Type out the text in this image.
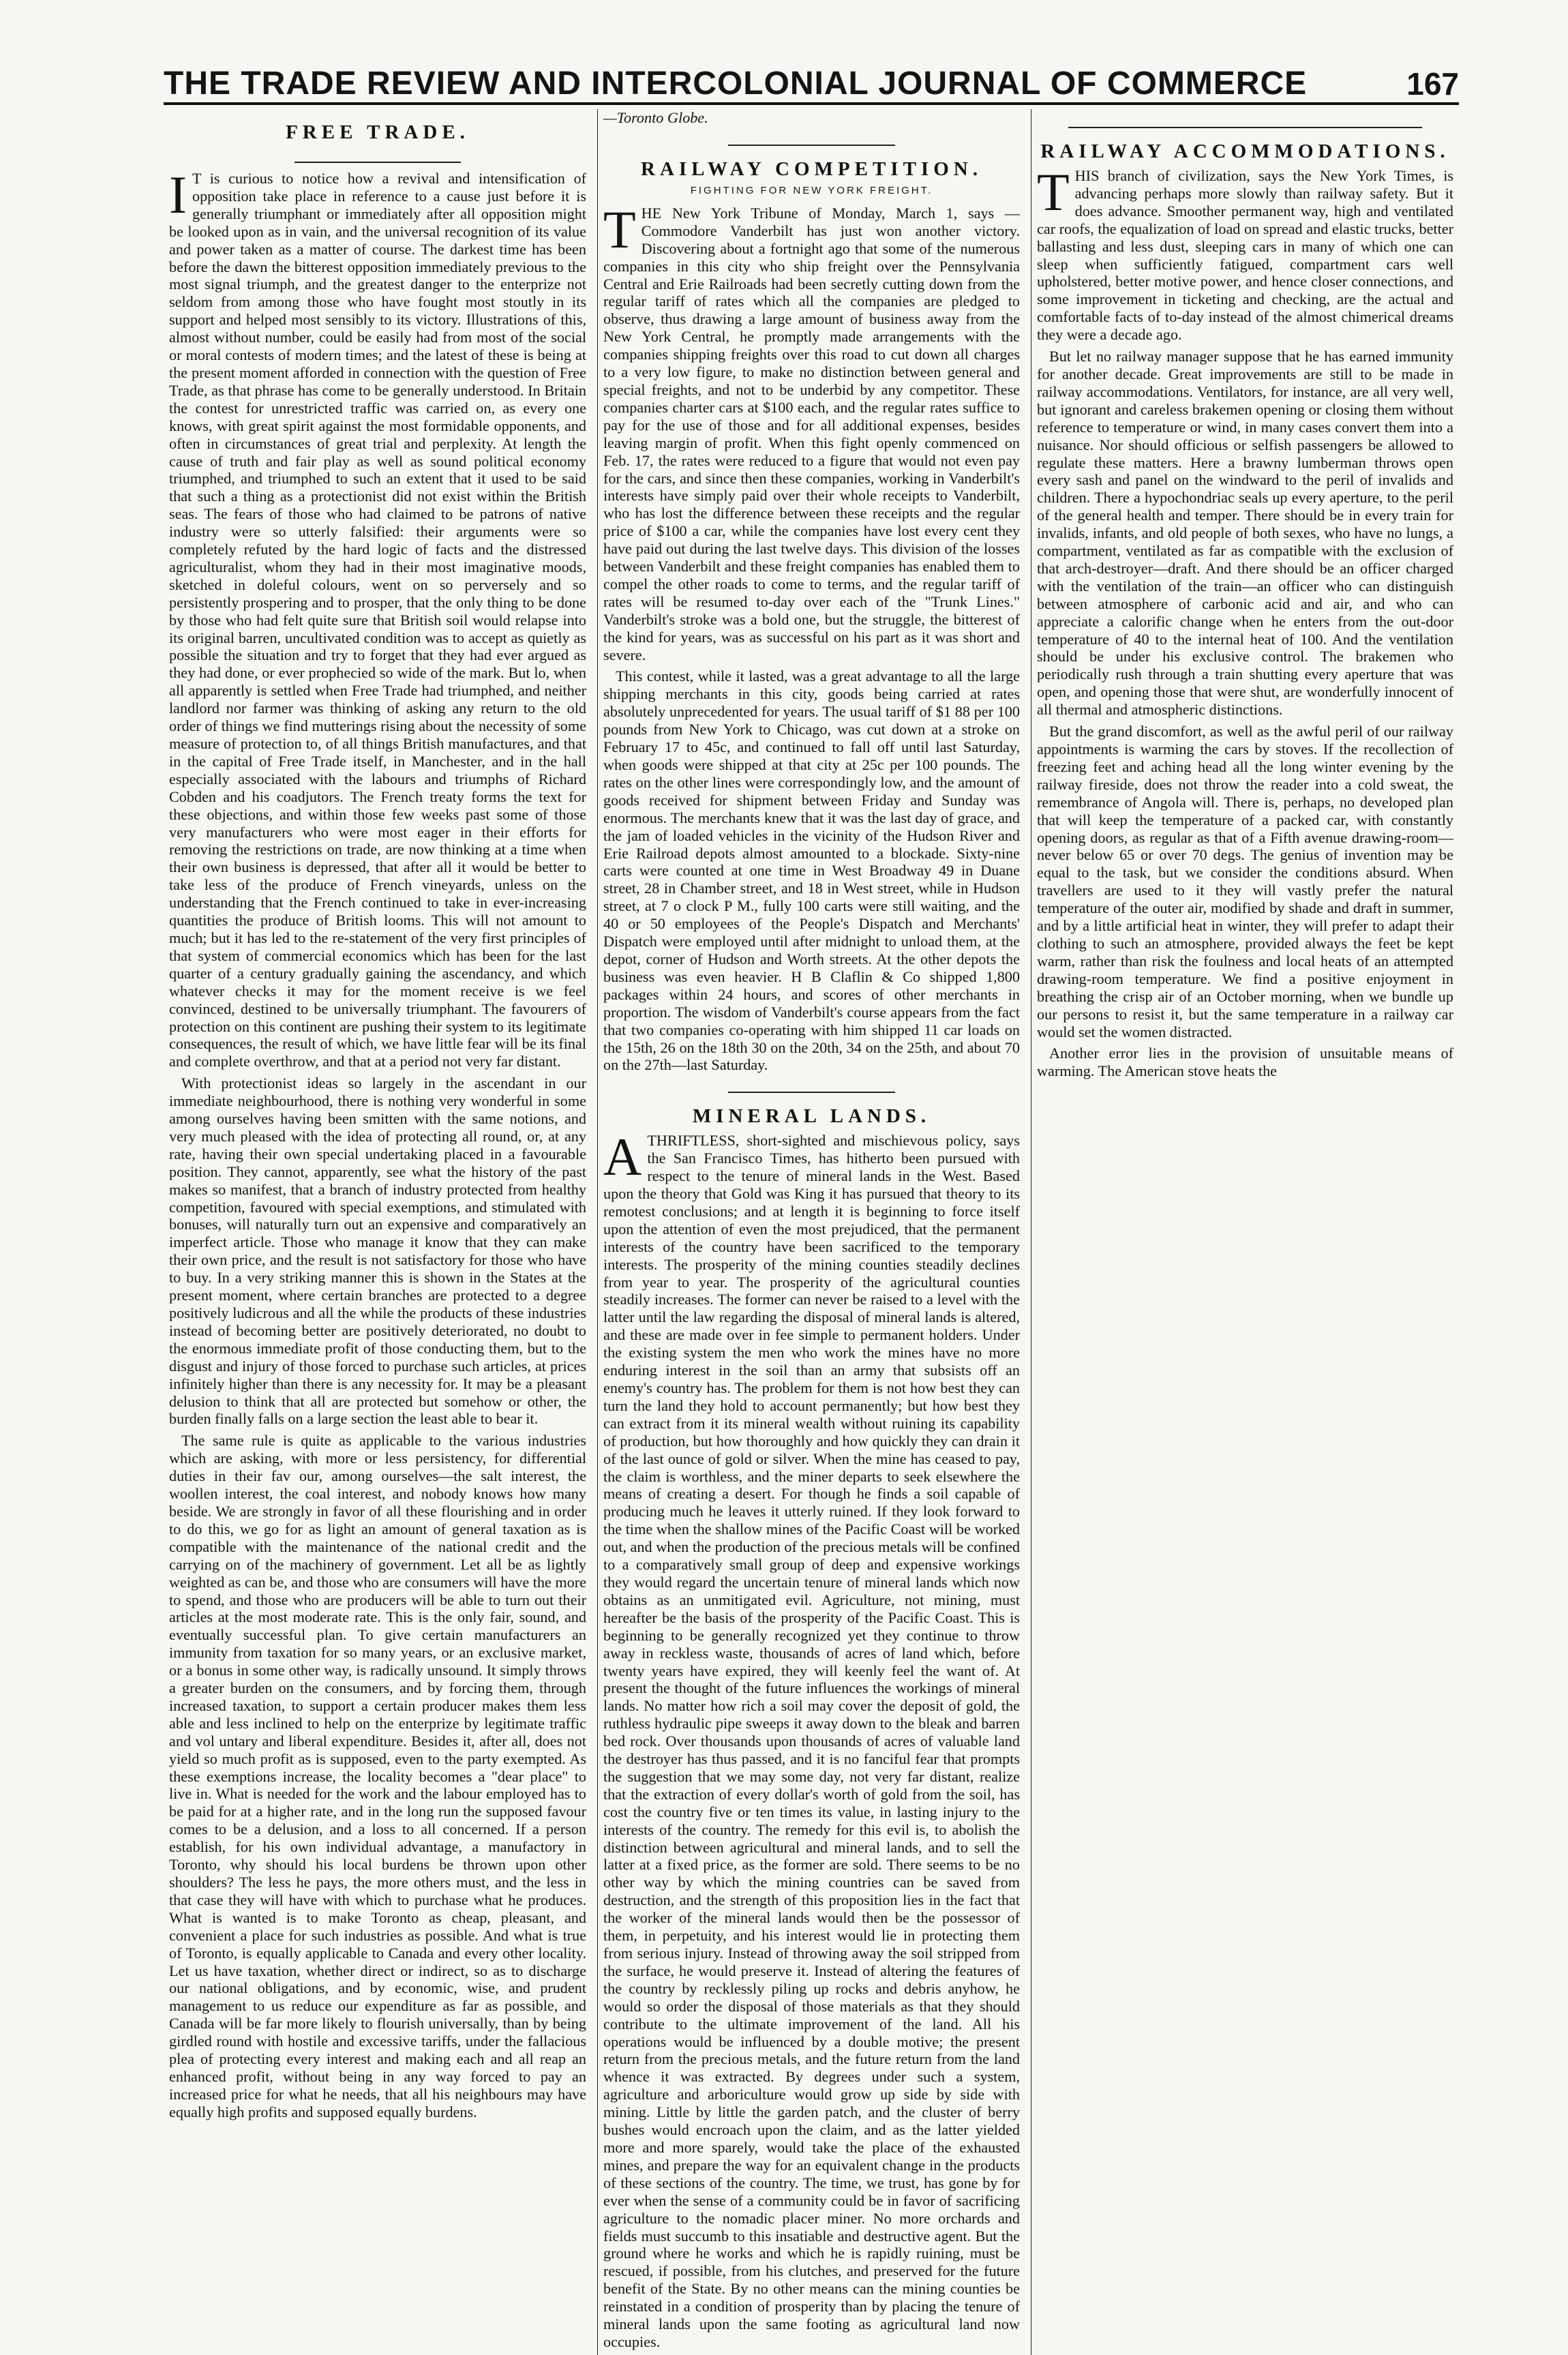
THE TRADE REVIEW AND INTERCOLONIAL JOURNAL OF COMMERCE	167
FREE TRADE.

I T is curious to notice how a revival and intensification of opposition take place in reference to a cause just before it is generally triumphant or immediately after all opposition might be looked upon as in vain, and the universal recognition of its value and power taken as a matter of course. The darkest time has been before the dawn the bitterest opposition immediately previous to the most signal triumph, and the greatest danger to the enterprize not seldom from among those who have fought most stoutly in its support and helped most sensibly to its victory. Illustrations of this, almost without number, could be easily had from most of the social or moral contests of modern times; and the latest of these is being at the present moment afforded in connection with the question of Free Trade, as that phrase has come to be generally understood. In Britain the contest for unrestricted traffic was carried on, as every one knows, with great spirit against the most formidable opponents, and often in circumstances of great trial and perplexity. At length the cause of truth and fair play as well as sound political economy triumphed, and triumphed to such an extent that it used to be said that such a thing as a protectionist did not exist within the British seas. The fears of those who had claimed to be patrons of native industry were so utterly falsified: their arguments were so completely refuted by the hard logic of facts and the distressed agriculturalist, whom they had in their most imaginative moods, sketched in doleful colours, went on so perversely and so persistently prospering and to prosper, that the only thing to be done by those who had felt quite sure that British soil would relapse into its original barren, uncultivated condition was to accept as quietly as possible the situation and try to forget that they had ever argued as they had done, or ever prophecied so wide of the mark. But lo, when all apparently is settled when Free Trade had triumphed, and neither landlord nor farmer was thinking of asking any return to the old order of things we find mutterings rising about the necessity of some measure of protection to, of all things British manufactures, and that in the capital of Free Trade itself, in Manchester, and in the hall especially associated with the labours and triumphs of Richard Cobden and his coadjutors. The French treaty forms the text for these objections, and within those few weeks past some of those very manufacturers who were most eager in their efforts for removing the restrictions on trade, are now thinking at a time when their own business is depressed, that after all it would be better to take less of the produce of French vineyards, unless on the understanding that the French continued to take in ever-increasing quantities the produce of British looms. This will not amount to much; but it has led to the re-statement of the very first principles of that system of commercial economics which has been for the last quarter of a century gradually gaining the ascendancy, and which whatever checks it may for the moment receive is we feel convinced, destined to be universally triumphant. The favourers of protection on this continent are pushing their system to its legitimate consequences, the result of which, we have little fear will be its final and complete overthrow, and that at a period not very far distant.

With protectionist ideas so largely in the ascendant in our immediate neighbourhood, there is nothing very wonderful in some among ourselves having been smitten with the same notions, and very much pleased with the idea of protecting all round, or, at any rate, having their own special undertaking placed in a favourable position. They cannot, apparently, see what the history of the past makes so manifest, that a branch of industry protected from healthy competition, favoured with special exemptions, and stimulated with bonuses, will naturally turn out an expensive and comparatively an imperfect article. Those who manage it know that they can make their own price, and the result is not satisfactory for those who have to buy. In a very striking manner this is shown in the States at the present moment, where certain branches are protected to a degree positively ludicrous and all the while the products of these industries instead of becoming better are positively deteriorated, no doubt to the enormous immediate profit of those conducting them, but to the disgust and injury of those forced to purchase such articles, at prices infinitely higher than there is any necessity for. It may be a pleasant delusion to think that all are protected but somehow or other, the burden finally falls on a large section the least able to bear it.

The same rule is quite as applicable to the various industries which are asking, with more or less persistency, for differential duties in their fav our, among ourselves—the salt interest, the woollen interest, the coal interest, and nobody knows how many beside. We are strongly in favor of all these flourishing and in order to do this, we go for as light an amount of general taxation as is compatible with the maintenance of the national credit and the carrying on of the machinery of government. Let all be as lightly weighted as can be, and those who are consumers will have the more to spend, and those who are producers will be able to turn out their articles at the most moderate rate. This is the only fair, sound, and eventually successful plan. To give certain manufacturers an immunity from taxation for so many years, or an exclusive market, or a bonus in some other way, is radically unsound. It simply throws a greater burden on the consumers, and by forcing them, through increased taxation, to support a certain producer makes them less able and less inclined to help on the enterprize by legitimate traffic and vol untary and liberal expenditure. Besides it, after all, does not yield so much profit as is supposed, even to the party exempted. As these exemptions increase, the locality becomes a "dear place" to live in. What is needed for the work and the labour employed has to be paid for at a higher rate, and in the long run the supposed favour comes to be a delusion, and a loss to all concerned. If a person establish, for his own individual advantage, a manufactory in Toronto, why should his local burdens be thrown upon other shoulders? The less he pays, the more others must, and the less in that case they will have with which to purchase what he produces. What is wanted is to make Toronto as cheap, pleasant, and convenient a place for such industries as possible. And what is true of Toronto, is equally applicable to Canada and every other locality. Let us have taxation, whether direct or indirect, so as to discharge our national obligations, and by economic, wise, and prudent management to us reduce our expenditure as far as possible, and Canada will be far more likely to flourish universally, than by being girdled round with hostile and excessive tariffs, under the fallacious plea of protecting every interest and making each and all reap an enhanced profit, without being in any way forced to pay an increased price for what he needs, that all his neighbours may have equally high profits and supposed equally burdens.

—Toronto Globe.

RAILWAY COMPETITION.
FIGHTING FOR NEW YORK FREIGHT.

THE New York Tribune of Monday, March 1, says — Commodore Vanderbilt has just won another victory. Discovering about a fortnight ago that some of the numerous companies in this city who ship freight over the Pennsylvania Central and Erie Railroads had been secretly cutting down from the regular tariff of rates which all the companies are pledged to observe, thus drawing a large amount of business away from the New York Central, he promptly made arrangements with the companies shipping freights over this road to cut down all charges to a very low figure, to make no distinction between general and special freights, and not to be underbid by any competitor. These companies charter cars at $100 each, and the regular rates suffice to pay for the use of those and for all additional expenses, besides leaving margin of profit. When this fight openly commenced on Feb. 17, the rates were reduced to a figure that would not even pay for the cars, and since then these companies, working in Vanderbilt's interests have simply paid over their whole receipts to Vanderbilt, who has lost the difference between these receipts and the regular price of $100 a car, while the companies have lost every cent they have paid out during the last twelve days. This division of the losses between Vanderbilt and these freight companies has enabled them to compel the other roads to come to terms, and the regular tariff of rates will be resumed to-day over each of the "Trunk Lines." Vanderbilt's stroke was a bold one, but the struggle, the bitterest of the kind for years, was as successful on his part as it was short and severe.

This contest, while it lasted, was a great advantage to all the large shipping merchants in this city, goods being carried at rates absolutely unprecedented for years. The usual tariff of $1 88 per 100 pounds from New York to Chicago, was cut down at a stroke on February 17 to 45c, and continued to fall off until last Saturday, when goods were shipped at that city at 25c per 100 pounds. The rates on the other lines were correspondingly low, and the amount of goods received for shipment between Friday and Sunday was enormous. The merchants knew that it was the last day of grace, and the jam of loaded vehicles in the vicinity of the Hudson River and Erie Railroad depots almost amounted to a blockade. Sixty-nine carts were counted at one time in West Broadway 49 in Duane street, 28 in Chamber street, and 18 in West street, while in Hudson street, at 7 o clock P M., fully 100 carts were still waiting, and the 40 or 50 employees of the People's Dispatch and Merchants' Dispatch were employed until after midnight to unload them, at the depot, corner of Hudson and Worth streets. At the other depots the business was even heavier. H B Claflin & Co shipped 1,800 packages within 24 hours, and scores of other merchants in proportion. The wisdom of Vanderbilt's course appears from the fact that two companies co-operating with him shipped 11 car loads on the 15th, 26 on the 18th 30 on the 20th, 34 on the 25th, and about 70 on the 27th—last Saturday.

MINERAL LANDS.

ATHRIFTLESS, short-sighted and mischievous policy, says the San Francisco Times, has hitherto been pursued with respect to the tenure of mineral lands in the West. Based upon the theory that Gold was King it has pursued that theory to its remotest conclusions; and at length it is beginning to force itself upon the attention of even the most prejudiced, that the permanent interests of the country have been sacrificed to the temporary interests. The prosperity of the mining counties steadily declines from year to year. The prosperity of the agricultural counties steadily increases. The former can never be raised to a level with the latter until the law regarding the disposal of mineral lands is altered, and these are made over in fee simple to permanent holders. Under the existing system the men who work the mines have no more enduring interest in the soil than an army that subsists off an enemy's country has. The problem for them is not how best they can turn the land they hold to account permanently; but how best they can extract from it its mineral wealth without ruining its capability of production, but how thoroughly and how quickly they can drain it of the last ounce of gold or silver. When the mine has ceased to pay, the claim is worthless, and the miner departs to seek elsewhere the means of creating a desert. For though he finds a soil capable of producing much he leaves it utterly ruined. If they look forward to the time when the shallow mines of the Pacific Coast will be worked out, and when the production of the precious metals will be confined to a comparatively small group of deep and expensive workings they would regard the uncertain tenure of mineral lands which now obtains as an unmitigated evil. Agriculture, not mining, must hereafter be the basis of the prosperity of the Pacific Coast. This is beginning to be generally recognized yet they continue to throw away in reckless waste, thousands of acres of land which, before twenty years have expired, they will keenly feel the want of. At present the thought of the future influences the workings of mineral lands. No matter how rich a soil may cover the deposit of gold, the ruthless hydraulic pipe sweeps it away down to the bleak and barren bed rock. Over thousands upon thousands of acres of valuable land the destroyer has thus passed, and it is no fanciful fear that prompts the suggestion that we may some day, not very far distant, realize that the extraction of every dollar's worth of gold from the soil, has cost the country five or ten times its value, in lasting injury to the interests of the country. The remedy for this evil is, to abolish the distinction between agricultural and mineral lands, and to sell the latter at a fixed price, as the former are sold. There seems to be no other way by which the mining countries can be saved from destruction, and the strength of this proposition lies in the fact that the worker of the mineral lands would then be the possessor of them, in perpetuity, and his interest would lie in protecting them from serious injury. Instead of throwing away the soil stripped from the surface, he would preserve it. Instead of altering the features of the country by recklessly piling up rocks and debris anyhow, he would so order the disposal of those materials as that they should contribute to the ultimate improvement of the land. All his operations would be influenced by a double motive; the present return from the precious metals, and the future return from the land whence it was extracted. By degrees under such a system, agriculture and arboriculture would grow up side by side with mining. Little by little the garden patch, and the cluster of berry bushes would encroach upon the claim, and as the latter yielded more and more sparely, would take the place of the exhausted mines, and prepare the way for an equivalent change in the products of these sections of the country. The time, we trust, has gone by for ever when the sense of a community could be in favor of sacrificing agriculture to the nomadic placer miner. No more orchards and fields must succumb to this insatiable and destructive agent. But the ground where he works and which he is rapidly ruining, must be rescued, if possible, from his clutches, and preserved for the future benefit of the State. By no other means can the mining counties be reinstated in a condition of prosperity than by placing the tenure of mineral lands upon the same footing as agricultural land now occupies.

RAILWAY ACCOMMODATIONS.

THIS branch of civilization, says the New York Times, is advancing perhaps more slowly than railway safety. But it does advance. Smoother permanent way, high and ventilated car roofs, the equalization of load on spread and elastic trucks, better ballasting and less dust, sleeping cars in many of which one can sleep when sufficiently fatigued, compartment cars well upholstered, better motive power, and hence closer connections, and some improvement in ticketing and checking, are the actual and comfortable facts of to-day instead of the almost chimerical dreams they were a decade ago.

But let no railway manager suppose that he has earned immunity for another decade. Great improvements are still to be made in railway accommodations. Ventilators, for instance, are all very well, but ignorant and careless brakemen opening or closing them without reference to temperature or wind, in many cases convert them into a nuisance. Nor should officious or selfish passengers be allowed to regulate these matters. Here a brawny lumberman throws open every sash and panel on the windward to the peril of invalids and children. There a hypochondriac seals up every aperture, to the peril of the general health and temper. There should be in every train for invalids, infants, and old people of both sexes, who have no lungs, a compartment, ventilated as far as compatible with the exclusion of that arch-destroyer—draft. And there should be an officer charged with the ventilation of the train—an officer who can distinguish between atmosphere of carbonic acid and air, and who can appreciate a calorific change when he enters from the out-door temperature of 40 to the internal heat of 100. And the ventilation should be under his exclusive control. The brakemen who periodically rush through a train shutting every aperture that was open, and opening those that were shut, are wonderfully innocent of all thermal and atmospheric distinctions.

But the grand discomfort, as well as the awful peril of our railway appointments is warming the cars by stoves. If the recollection of freezing feet and aching head all the long winter evening by the railway fireside, does not throw the reader into a cold sweat, the remembrance of Angola will. There is, perhaps, no developed plan that will keep the temperature of a packed car, with constantly opening doors, as regular as that of a Fifth avenue drawing-room—never below 65 or over 70 degs. The genius of invention may be equal to the task, but we consider the conditions absurd. When travellers are used to it they will vastly prefer the natural temperature of the outer air, modified by shade and draft in summer, and by a little artificial heat in winter, they will prefer to adapt their clothing to such an atmosphere, provided always the feet be kept warm, rather than risk the foulness and local heats of an attempted drawing-room temperature. We find a positive enjoyment in breathing the crisp air of an October morning, when we bundle up our persons to resist it, but the same temperature in a railway car would set the women distracted.

Another error lies in the provision of unsuitable means of warming. The American stove heats the
